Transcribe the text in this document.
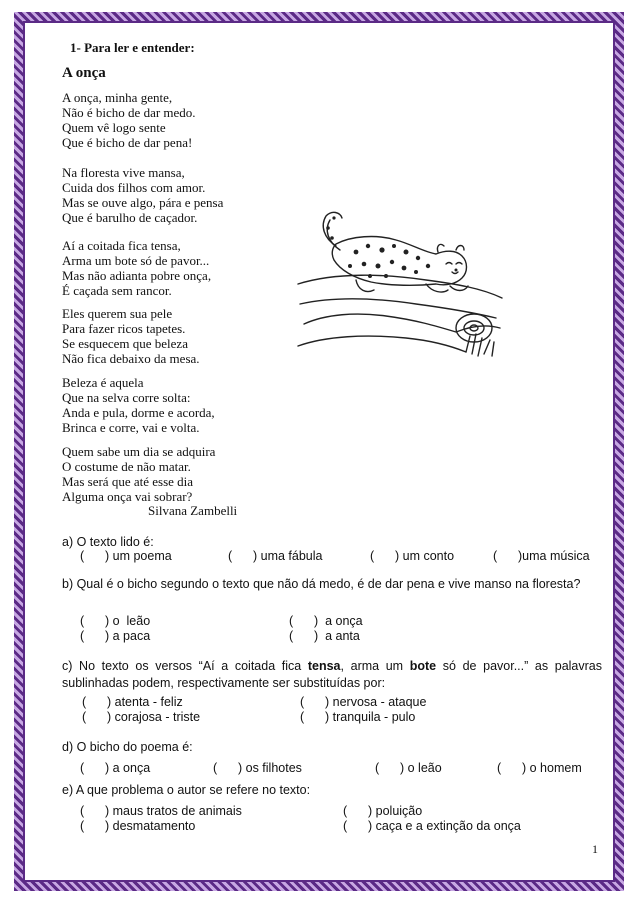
1- Para ler e entender:
A onça
A onça, minha gente,
Não é bicho de dar medo.
Quem vê logo sente
Que é bicho de dar pena!
Na floresta vive mansa,
Cuida dos filhos com amor.
Mas se ouve algo, pára e pensa
Que é barulho de caçador.
Aí a coitada fica tensa,
Arma um bote só de pavor...
Mas não adianta pobre onça,
É caçada sem rancor.
Eles querem sua pele
Para fazer ricos tapetes.
Se esquecem que beleza
Não fica debaixo da mesa.
Beleza é aquela
Que na selva corre solta:
Anda e pula, dorme e acorda,
Brinca e corre, vai e volta.
Quem sabe um dia se adquira
O costume de não matar.
Mas será que até esse dia
Alguma onça vai sobrar?
Silvana Zambelli
a) O texto lido é:
(      ) um poema	(      ) uma fábula	(      ) um conto	(      )uma música
b) Qual é o bicho segundo o texto que não dá medo, é de dar pena e vive manso na floresta?
(      ) o  leão	(      )  a onça
(      ) a paca	(      )  a anta
c) No texto os versos “Aí a coitada fica tensa, arma um bote só de pavor...” as palavras sublinhadas podem, respectivamente ser substituídas por:
(      ) atenta - feliz	(      ) nervosa - ataque
(      ) corajosa - triste	(      ) tranquila - pulo
d) O bicho do poema é:
(      ) a onça	(      ) os filhotes	(      ) o leão	(      ) o homem
e) A que problema o autor se refere no texto:
(      ) maus tratos de animais	(      ) poluição
(      ) desmatamento	(      ) caça e a extinção da onça
1
